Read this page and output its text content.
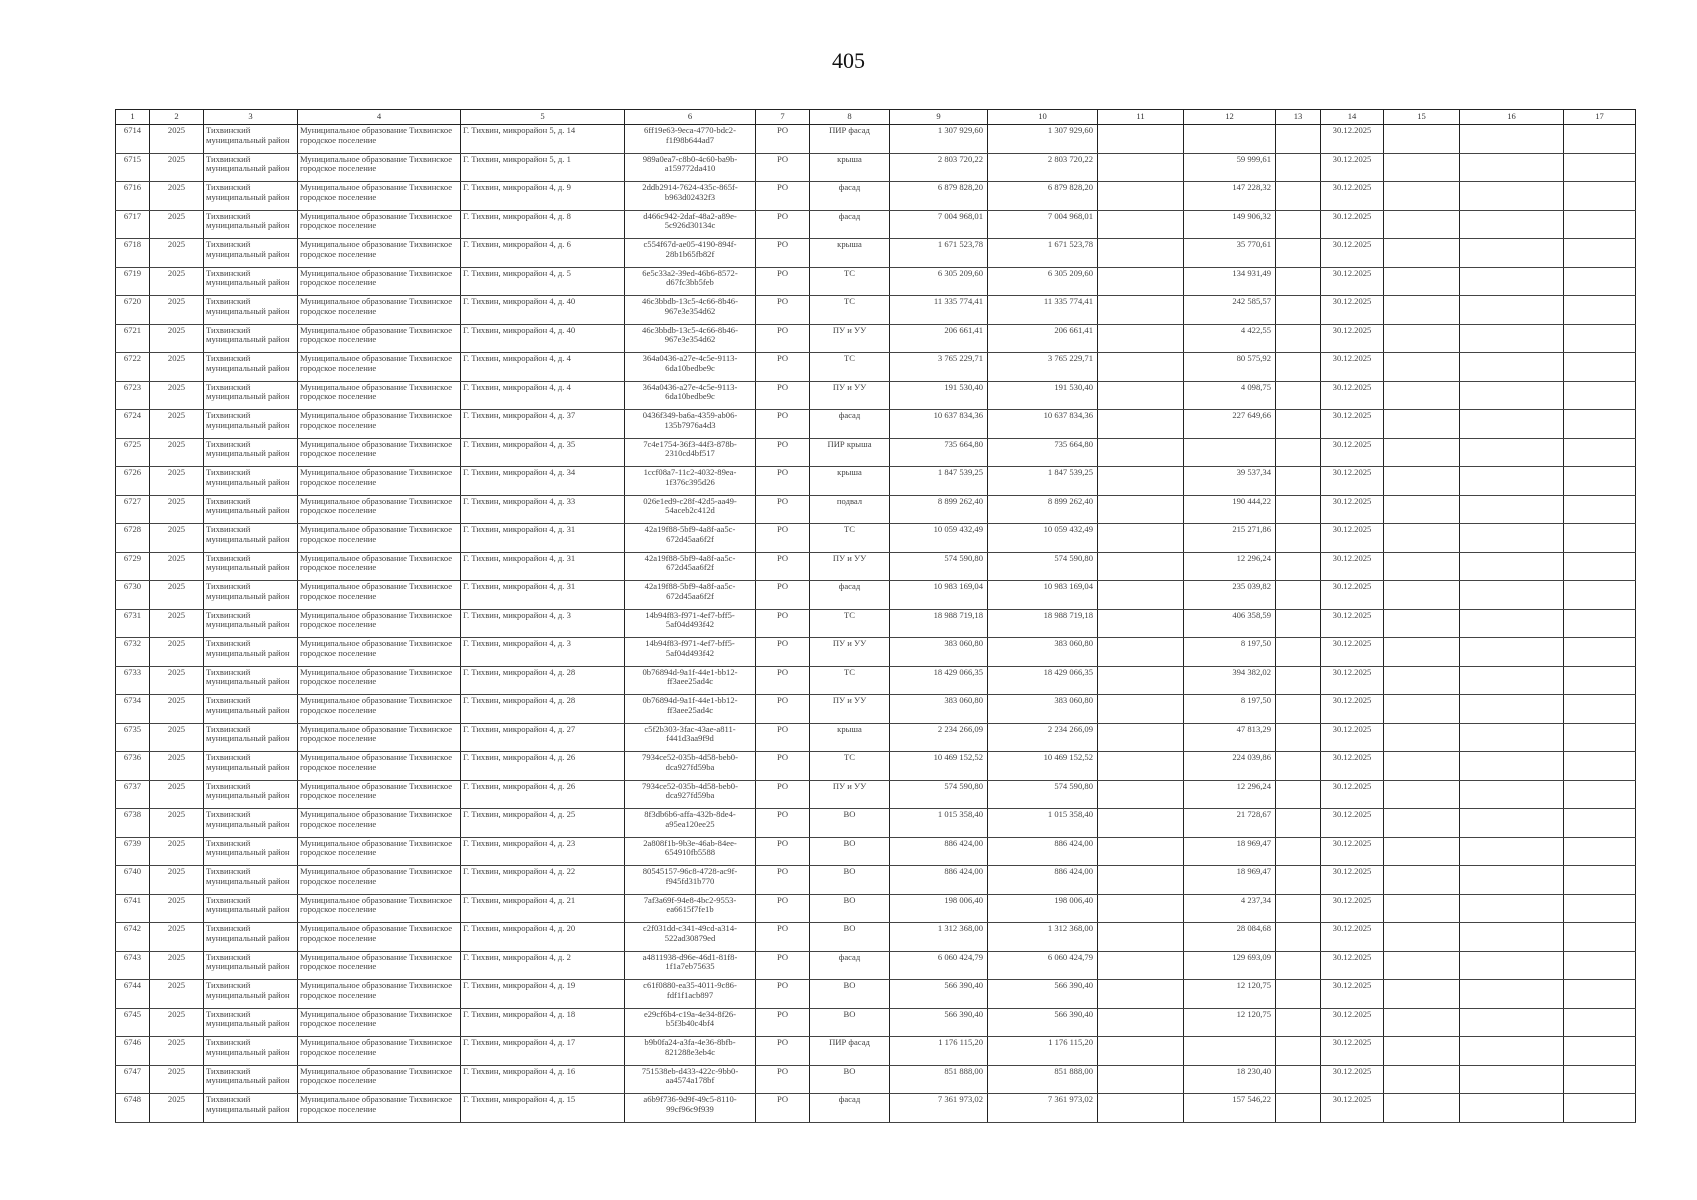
405
1	2	3	4	5	6	7	8	9	10	11	12	13	14	15	16	17
6714	2025	Тихвинский муниципальный район	Муниципальное образование Тихвинское городское поселение	Г. Тихвин, микрорайон 5, д. 14	6ff19e63-9eca-4770-bdc2-f1f98b644ad7	РО	ПИР фасад	1 307 929,60	1 307 929,60				30.12.2025			
6715	2025	Тихвинский муниципальный район	Муниципальное образование Тихвинское городское поселение	Г. Тихвин, микрорайон 5, д. 1	989a0ea7-c8b0-4c60-ba9b-a159772da410	РО	крыша	2 803 720,22	2 803 720,22		59 999,61		30.12.2025			
6716	2025	Тихвинский муниципальный район	Муниципальное образование Тихвинское городское поселение	Г. Тихвин, микрорайон 4, д. 9	2ddb2914-7624-435c-865f-b963d02432f3	РО	фасад	6 879 828,20	6 879 828,20		147 228,32		30.12.2025			
6717	2025	Тихвинский муниципальный район	Муниципальное образование Тихвинское городское поселение	Г. Тихвин, микрорайон 4, д. 8	d466c942-2daf-48a2-a89e-5c926d30134c	РО	фасад	7 004 968,01	7 004 968,01		149 906,32		30.12.2025			
6718	2025	Тихвинский муниципальный район	Муниципальное образование Тихвинское городское поселение	Г. Тихвин, микрорайон 4, д. 6	c554f67d-ae05-4190-894f-28b1b65fb82f	РО	крыша	1 671 523,78	1 671 523,78		35 770,61		30.12.2025			
6719	2025	Тихвинский муниципальный район	Муниципальное образование Тихвинское городское поселение	Г. Тихвин, микрорайон 4, д. 5	6e5c33a2-39ed-46b6-8572-d67fc3bb5feb	РО	ТС	6 305 209,60	6 305 209,60		134 931,49		30.12.2025			
6720	2025	Тихвинский муниципальный район	Муниципальное образование Тихвинское городское поселение	Г. Тихвин, микрорайон 4, д. 40	46c3bbdb-13c5-4c66-8b46-967e3e354d62	РО	ТС	11 335 774,41	11 335 774,41		242 585,57		30.12.2025			
6721	2025	Тихвинский муниципальный район	Муниципальное образование Тихвинское городское поселение	Г. Тихвин, микрорайон 4, д. 40	46c3bbdb-13c5-4c66-8b46-967e3e354d62	РО	ПУ и УУ	206 661,41	206 661,41		4 422,55		30.12.2025			
6722	2025	Тихвинский муниципальный район	Муниципальное образование Тихвинское городское поселение	Г. Тихвин, микрорайон 4, д. 4	364a0436-a27e-4c5e-9113-6da10bedbe9c	РО	ТС	3 765 229,71	3 765 229,71		80 575,92		30.12.2025			
6723	2025	Тихвинский муниципальный район	Муниципальное образование Тихвинское городское поселение	Г. Тихвин, микрорайон 4, д. 4	364a0436-a27e-4c5e-9113-6da10bedbe9c	РО	ПУ и УУ	191 530,40	191 530,40		4 098,75		30.12.2025			
6724	2025	Тихвинский муниципальный район	Муниципальное образование Тихвинское городское поселение	Г. Тихвин, микрорайон 4, д. 37	0436f349-ba6a-4359-ab06-135b7976a4d3	РО	фасад	10 637 834,36	10 637 834,36		227 649,66		30.12.2025			
6725	2025	Тихвинский муниципальный район	Муниципальное образование Тихвинское городское поселение	Г. Тихвин, микрорайон 4, д. 35	7c4e1754-36f3-44f3-878b-2310cd4bf517	РО	ПИР крыша	735 664,80	735 664,80				30.12.2025			
6726	2025	Тихвинский муниципальный район	Муниципальное образование Тихвинское городское поселение	Г. Тихвин, микрорайон 4, д. 34	1ccf08a7-11c2-4032-89ea-1f376c395d26	РО	крыша	1 847 539,25	1 847 539,25		39 537,34		30.12.2025			
6727	2025	Тихвинский муниципальный район	Муниципальное образование Тихвинское городское поселение	Г. Тихвин, микрорайон 4, д. 33	026e1ed9-c28f-42d5-aa49-54aceb2c412d	РО	подвал	8 899 262,40	8 899 262,40		190 444,22		30.12.2025			
6728	2025	Тихвинский муниципальный район	Муниципальное образование Тихвинское городское поселение	Г. Тихвин, микрорайон 4, д. 31	42a19f88-5bf9-4a8f-aa5c-672d45aa6f2f	РО	ТС	10 059 432,49	10 059 432,49		215 271,86		30.12.2025			
6729	2025	Тихвинский муниципальный район	Муниципальное образование Тихвинское городское поселение	Г. Тихвин, микрорайон 4, д. 31	42a19f88-5bf9-4a8f-aa5c-672d45aa6f2f	РО	ПУ и УУ	574 590,80	574 590,80		12 296,24		30.12.2025			
6730	2025	Тихвинский муниципальный район	Муниципальное образование Тихвинское городское поселение	Г. Тихвин, микрорайон 4, д. 31	42a19f88-5bf9-4a8f-aa5c-672d45aa6f2f	РО	фасад	10 983 169,04	10 983 169,04		235 039,82		30.12.2025			
6731	2025	Тихвинский муниципальный район	Муниципальное образование Тихвинское городское поселение	Г. Тихвин, микрорайон 4, д. 3	14b94f83-f971-4ef7-bff5-5af04d493f42	РО	ТС	18 988 719,18	18 988 719,18		406 358,59		30.12.2025			
6732	2025	Тихвинский муниципальный район	Муниципальное образование Тихвинское городское поселение	Г. Тихвин, микрорайон 4, д. 3	14b94f83-f971-4ef7-bff5-5af04d493f42	РО	ПУ и УУ	383 060,80	383 060,80		8 197,50		30.12.2025			
6733	2025	Тихвинский муниципальный район	Муниципальное образование Тихвинское городское поселение	Г. Тихвин, микрорайон 4, д. 28	0b76894d-9a1f-44e1-bb12-ff3aee25ad4c	РО	ТС	18 429 066,35	18 429 066,35		394 382,02		30.12.2025			
6734	2025	Тихвинский муниципальный район	Муниципальное образование Тихвинское городское поселение	Г. Тихвин, микрорайон 4, д. 28	0b76894d-9a1f-44e1-bb12-ff3aee25ad4c	РО	ПУ и УУ	383 060,80	383 060,80		8 197,50		30.12.2025			
6735	2025	Тихвинский муниципальный район	Муниципальное образование Тихвинское городское поселение	Г. Тихвин, микрорайон 4, д. 27	c5f2b303-3fac-43ae-a811-f441d3aa9f9d	РО	крыша	2 234 266,09	2 234 266,09		47 813,29		30.12.2025			
6736	2025	Тихвинский муниципальный район	Муниципальное образование Тихвинское городское поселение	Г. Тихвин, микрорайон 4, д. 26	7934ce52-035b-4d58-beb0-dca927fd59ba	РО	ТС	10 469 152,52	10 469 152,52		224 039,86		30.12.2025			
6737	2025	Тихвинский муниципальный район	Муниципальное образование Тихвинское городское поселение	Г. Тихвин, микрорайон 4, д. 26	7934ce52-035b-4d58-beb0-dca927fd59ba	РО	ПУ и УУ	574 590,80	574 590,80		12 296,24		30.12.2025			
6738	2025	Тихвинский муниципальный район	Муниципальное образование Тихвинское городское поселение	Г. Тихвин, микрорайон 4, д. 25	8f3db6b6-affa-432b-8de4-a95ea120ee25	РО	ВО	1 015 358,40	1 015 358,40		21 728,67		30.12.2025			
6739	2025	Тихвинский муниципальный район	Муниципальное образование Тихвинское городское поселение	Г. Тихвин, микрорайон 4, д. 23	2a808f1b-9b3e-46ab-84ee-654910fb5588	РО	ВО	886 424,00	886 424,00		18 969,47		30.12.2025			
6740	2025	Тихвинский муниципальный район	Муниципальное образование Тихвинское городское поселение	Г. Тихвин, микрорайон 4, д. 22	80545157-96c8-4728-ac9f-f945fd31b770	РО	ВО	886 424,00	886 424,00		18 969,47		30.12.2025			
6741	2025	Тихвинский муниципальный район	Муниципальное образование Тихвинское городское поселение	Г. Тихвин, микрорайон 4, д. 21	7af3a69f-94e8-4bc2-9553-ea6615f7fe1b	РО	ВО	198 006,40	198 006,40		4 237,34		30.12.2025			
6742	2025	Тихвинский муниципальный район	Муниципальное образование Тихвинское городское поселение	Г. Тихвин, микрорайон 4, д. 20	c2f031dd-c341-49cd-a314-522ad30879ed	РО	ВО	1 312 368,00	1 312 368,00		28 084,68		30.12.2025			
6743	2025	Тихвинский муниципальный район	Муниципальное образование Тихвинское городское поселение	Г. Тихвин, микрорайон 4, д. 2	a4811938-d96e-46d1-81f8-1f1a7eb75635	РО	фасад	6 060 424,79	6 060 424,79		129 693,09		30.12.2025			
6744	2025	Тихвинский муниципальный район	Муниципальное образование Тихвинское городское поселение	Г. Тихвин, микрорайон 4, д. 19	c61f0880-ea35-4011-9c86-fdf1f1acb897	РО	ВО	566 390,40	566 390,40		12 120,75		30.12.2025			
6745	2025	Тихвинский муниципальный район	Муниципальное образование Тихвинское городское поселение	Г. Тихвин, микрорайон 4, д. 18	e29cf6b4-c19a-4e34-8f26-b5f3b40c4bf4	РО	ВО	566 390,40	566 390,40		12 120,75		30.12.2025			
6746	2025	Тихвинский муниципальный район	Муниципальное образование Тихвинское городское поселение	Г. Тихвин, микрорайон 4, д. 17	b9b0fa24-a3fa-4e36-8bfb-821288e3eb4c	РО	ПИР фасад	1 176 115,20	1 176 115,20				30.12.2025			
6747	2025	Тихвинский муниципальный район	Муниципальное образование Тихвинское городское поселение	Г. Тихвин, микрорайон 4, д. 16	751538eb-d433-422c-9bb0-aa4574a178bf	РО	ВО	851 888,00	851 888,00		18 230,40		30.12.2025			
6748	2025	Тихвинский муниципальный район	Муниципальное образование Тихвинское городское поселение	Г. Тихвин, микрорайон 4, д. 15	a6b9f736-9d9f-49c5-8110-99cf96c9f939	РО	фасад	7 361 973,02	7 361 973,02		157 546,22		30.12.2025			
